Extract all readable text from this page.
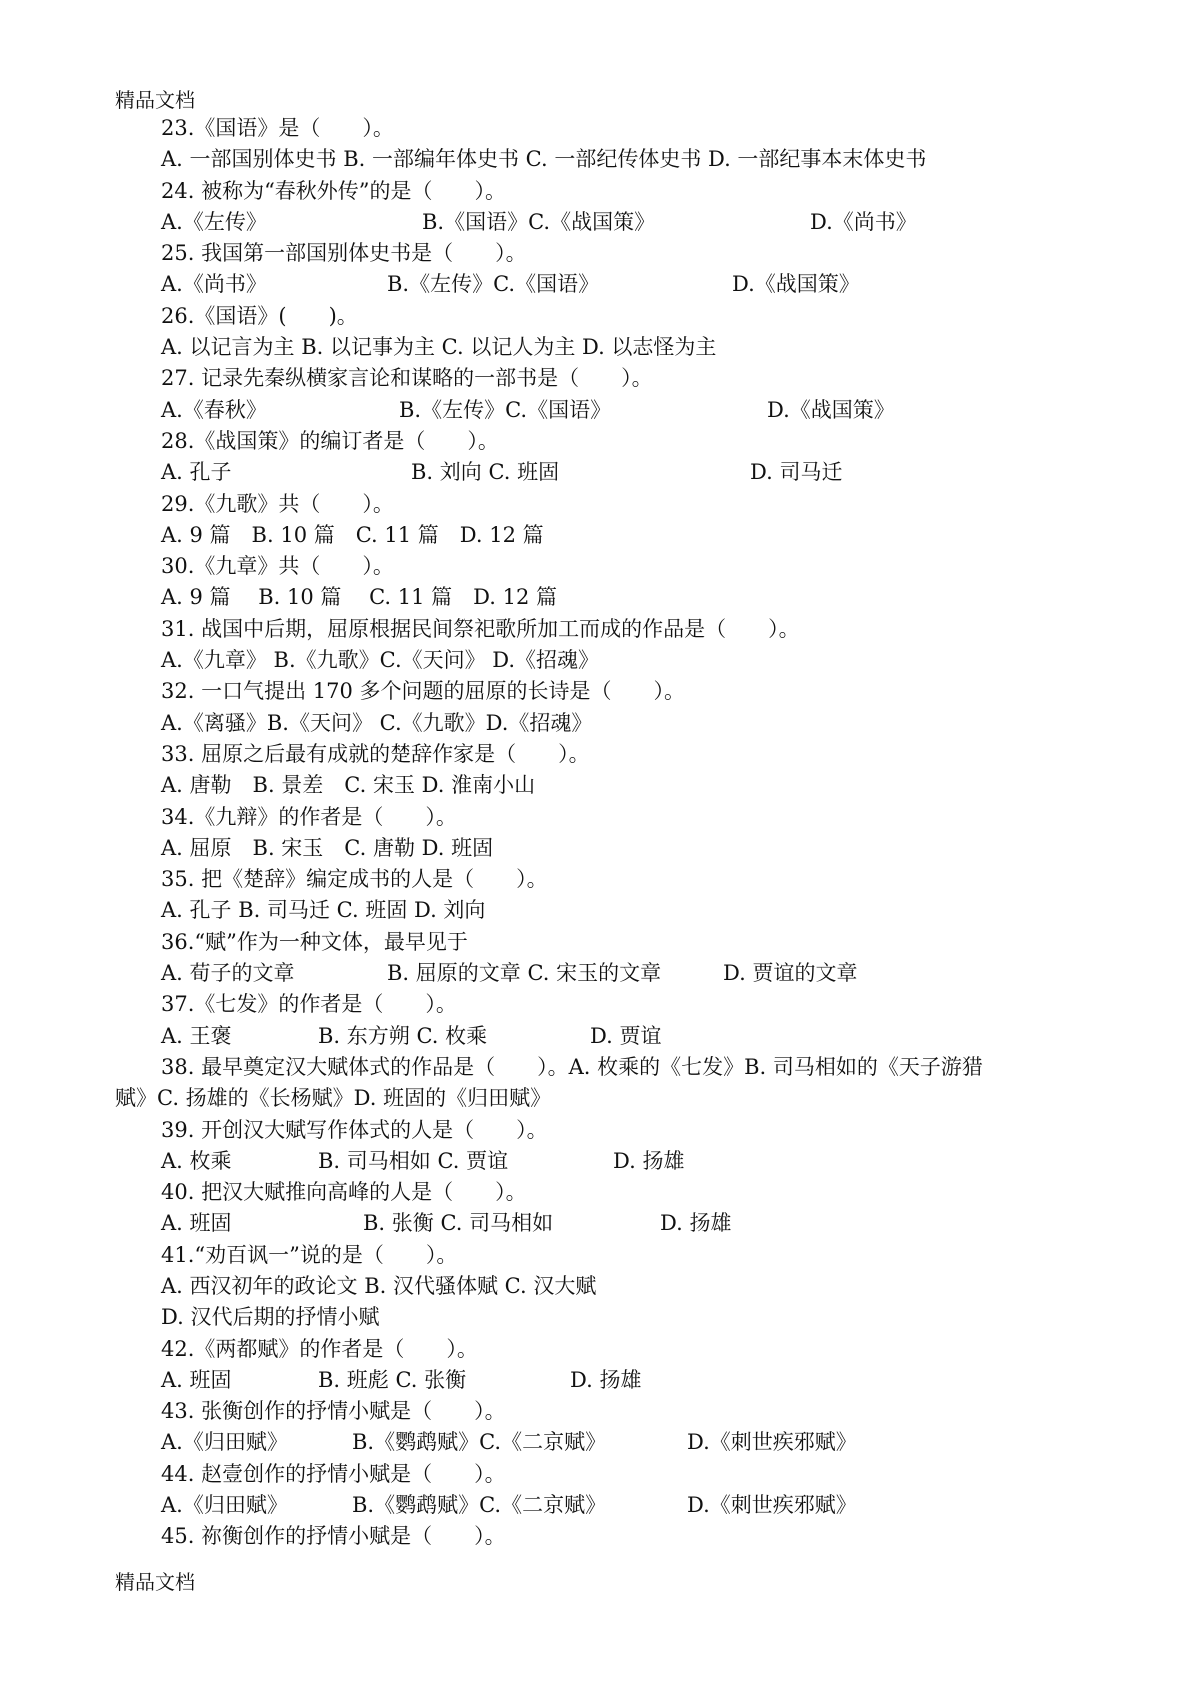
精品文档
23.《国语》是（　　）。
A. 一部国别体史书 B. 一部编年体史书 C. 一部纪传体史书 D. 一部纪事本末体史书
24. 被称为“春秋外传”的是（　　）。
A.《左传》	B.《国语》C.《战国策》	D.《尚书》
25. 我国第一部国别体史书是（　　）。
A.《尚书》	B.《左传》C.《国语》	D.《战国策》
26.《国语》(　　)。
A. 以记言为主 B. 以记事为主 C. 以记人为主 D. 以志怪为主
27. 记录先秦纵横家言论和谋略的一部书是（　　）。
A.《春秋》	B.《左传》C.《国语》	D.《战国策》
28.《战国策》的编订者是（　　）。
A. 孔子	B. 刘向 C. 班固	D. 司马迁
29.《九歌》共（　　）。
A. 9 篇　B. 10 篇　C. 11 篇　D. 12 篇
30.《九章》共（　　）。
A. 9 篇　 B. 10 篇　 C. 11 篇　D. 12 篇
31. 战国中后期，屈原根据民间祭祀歌所加工而成的作品是（　　）。
A.《九章》 B.《九歌》C.《天问》 D.《招魂》
32. 一口气提出 170 多个问题的屈原的长诗是（　　）。
A.《离骚》B.《天问》 C.《九歌》D.《招魂》
33. 屈原之后最有成就的楚辞作家是（　　）。
A. 唐勒　B. 景差　C. 宋玉 D. 淮南小山
34.《九辩》的作者是（　　）。
A. 屈原　B. 宋玉　C. 唐勒 D. 班固
35. 把《楚辞》编定成书的人是（　　）。
A. 孔子 B. 司马迁 C. 班固 D. 刘向
36.“赋”作为一种文体，最早见于
A. 荀子的文章	B. 屈原的文章 C. 宋玉的文章	D. 贾谊的文章
37.《七发》的作者是（　　）。
A. 王褒	B. 东方朔 C. 枚乘	D. 贾谊
38. 最早奠定汉大赋体式的作品是（　　）。A. 枚乘的《七发》B. 司马相如的《天子游猎
赋》C. 扬雄的《长杨赋》D. 班固的《归田赋》
39. 开创汉大赋写作体式的人是（　　）。
A. 枚乘	B. 司马相如 C. 贾谊	D. 扬雄
40. 把汉大赋推向高峰的人是（　　）。
A. 班固	B. 张衡 C. 司马相如	D. 扬雄
41.“劝百讽一”说的是（　　）。
A. 西汉初年的政论文 B. 汉代骚体赋 C. 汉大赋
D. 汉代后期的抒情小赋
42.《两都赋》的作者是（　　）。
A. 班固	B. 班彪 C. 张衡	D. 扬雄
43. 张衡创作的抒情小赋是（　　）。
A.《归田赋》	B.《鹦鹉赋》C.《二京赋》	D.《刺世疾邪赋》
44. 赵壹创作的抒情小赋是（　　）。
A.《归田赋》	B.《鹦鹉赋》C.《二京赋》	D.《刺世疾邪赋》
45. 祢衡创作的抒情小赋是（　　）。
精品文档
